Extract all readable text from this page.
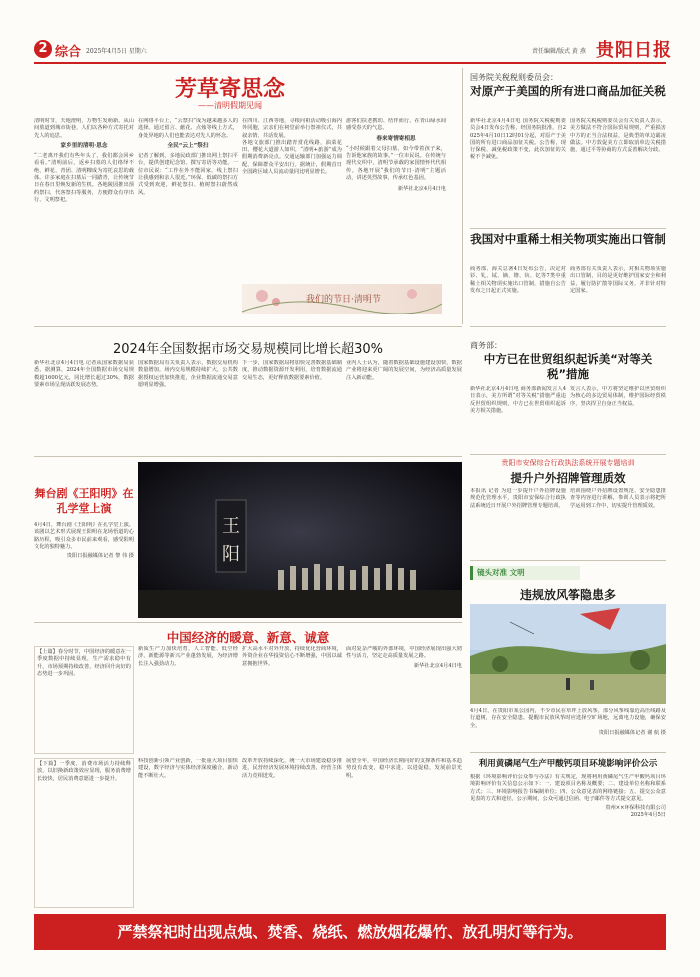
2 综合 2025年4月5日 星期六	责任编辑/版式 黄 燕 贵阳日报
芳草寄思念
——清明假期见闻

清明时节，天地澄明，万物生发萌新。从山间墓道到城市街巷，人们以各种方式寄托对先人的追思。

家乡里的清明·思念
“二老离开我们有些年头了，我们都会回乡看看。”清明前后，返乡扫墓的人们络绎不绝，鲜花、青团、清明粿成为寄托哀思的载体。许多家庭在扫墓后一同踏青，让传统节日在春日里焕发新的生机。各地陵园推出预约祭扫、代客祭扫等服务，方便群众有序出行、文明祭祀。

在网络平台上，“云祭扫”成为越来越多人的选择。通过留言、献花、点烛等线上方式，身处异地的人们也能表达对先人的怀念。

全民“云上”祭扫
记者了解到，多地民政部门推出网上祭扫平台，提供创建纪念馆、撰写寄语等功能。一位市民说：“工作在外不能回家，线上祭扫让我感到和亲人很近。”环保、低碳的祭扫方式受到欢迎，鲜花祭扫、植树祭扫蔚然成风。

在四川、江西等地，寻根问祖活动吸引海内外同胞，宗亲们在祠堂前举行祭祖仪式，共叙亲情、共话发展。
各地文旅部门推出踏青赏花线路，油菜花田、樱花大道游人如织，“清明+旅游”成为假期消费新亮点。交通运输部门加强运力调配，保障群众平安出行。据统计，假期首日全国跨区域人员流动量同比明显增长。

游客们扶老携幼、结伴而行，在青山绿水间感受春天的气息。

春来寄情寄相思
“小时候跟着父母扫墓，如今带着孩子来，告诉他家族的故事。”一位市民说。在传统与现代交织中，清明节承载的家国情怀代代相传。各地开展“我们的节日·清明”主题活动，讲述英烈故事，传承红色基因。

新华社北京4月4日电

我们的节日·清明节
国务院关税税则委员会：
对原产于美国的所有进口商品加征关税

新华社北京4月4日电 国务院关税税则委员会4日发布公告称，经国务院批准，自2025年4月10日12时01分起，对原产于美国的所有进口商品加征关税。公告称，现行保税、减免税政策不变，此次加征的关税不予减免。

国务院关税税则委员会有关负责人表示，美方做法不符合国际贸易规则，严重损害中方的正当合法权益，是典型的单边霸凌做法。中方敦促美方立即取消单边关税措施，通过平等协商的方式妥善解决分歧。

我国对中重稀土相关物项实施出口管制

商务部、海关总署4日发布公告，决定对钐、钆、铽、镝、镥、钪、钇等7类中重稀土相关物项实施出口管制，措施自公告发布之日起正式实施。

商务部有关负责人表示，对相关物项实施出口管制，目的是更好维护国家安全和利益，履行防扩散等国际义务，并非针对特定国家。

2024年全国数据市场交易规模同比增长超30%

新华社北京4月4日电 记者从国家数据局获悉，据测算，2024年全国数据市场交易规模超1600亿元，同比增长超过30%，数据要素市场呈现活跃发展态势。

国家数据局有关负责人表示，数据交易机构数量增加，场内交易规模持续扩大，公共数据授权运营加快推进，企业数据流通交易意愿明显增强。

下一步，国家数据局将加快完善数据基础制度，推动数据资源开发利用，培育数据流通交易生态，更好释放数据要素价值。

业内人士认为，随着数据基础设施建设加快，数据产业将迎来更广阔的发展空间，为经济高质量发展注入新动能。

舞台剧《王阳明》在孔学堂上演

4月4日，舞台剧《王阳明》在孔学堂上演。该剧以艺术形式展现王阳明在龙场悟道的心路历程，吸引众多市民前来观看，感受阳明文化的独特魅力。

贵阳日报融媒体记者 黎 伟 摄

王
阳
商务部：
中方已在世贸组织起诉美“对等关税”措施

新华社北京4月4日电 商务部新闻发言人4日表示，美方所谓“对等关税”措施严重违反世贸组织规则，中方已在世贸组织起诉美方相关措施。

发言人表示，中方将坚定维护以世贸组织为核心的多边贸易体制，维护国际经贸秩序，坚决捍卫自身正当权益。

贵阳市安保综合行政执法系统开展专题培训
提升户外招牌管理质效

本报讯 记者 为进一步提升户外招牌设施规范化管理水平，贵阳市安保综合行政执法系统近日开展户外招牌管理专题培训。

培训围绕户外招牌设置规范、安全隐患排查等内容进行讲解，参训人员表示将把所学运用到工作中，切实提升管理质效。

镜头对准 文明
违规放风筝隐患多

4月4日，在贵阳市某公园内，不少市民在草坪上放风筝，部分风筝线靠近高压线路及行道树，存在安全隐患。提醒市民放风筝时应选择空旷场地，远离电力设施，确保安全。

贵阳日报融媒体记者 谢 航 摄

中国经济的暖意、新意、诚意

【上篇】春分时节，中国经济的暖意在一季度数据中持续显现，生产需求稳中有升，市场预期持续改善，经济回升向好的态势进一步巩固。

新质生产力加快培育，人工智能、低空经济、新能源等新兴产业蓬勃发展，为经济增长注入强劲动力。

扩大高水平对外开放，持续优化营商环境，外资企业在华投资信心不断增强，中国以诚意拥抱世界。

面对复杂严峻的外部环境，中国经济展现出强大韧性与活力，坚定走高质量发展之路。

新华社北京4月4日电

【下篇】一季度，消费市场活力持续释放，以旧换新政策效应显现，服务消费增长较快，居民消费意愿进一步提升。

科技创新引领产业创新，一批重大项目加快建设，数字经济与实体经济深度融合，新动能不断壮大。

改革开放持续深化，统一大市场建设稳步推进，民营经济发展环境持续改善，经营主体活力竞相迸发。

展望全年，中国经济长期向好的支撑条件和基本趋势没有改变，稳中求进、以进促稳，发展前景光明。

利用黄磷尾气生产甲酸钙项目环境影响评价公示

根据《环境影响评价公众参与办法》有关规定，现将利用黄磷尾气生产甲酸钙项目环境影响评价有关信息公示如下：一、建设项目名称及概要；二、建设单位名称和联系方式；三、环境影响报告书编制单位；四、公众意见表的网络链接；五、提交公众意见表的方式和途径。公示期间，公众可通过信函、电子邮件等方式提交意见。

贵州××环保科技有限公司

2025年4月5日

严禁祭祀时出现点烛、焚香、烧纸、燃放烟花爆竹、放孔明灯等行为。
